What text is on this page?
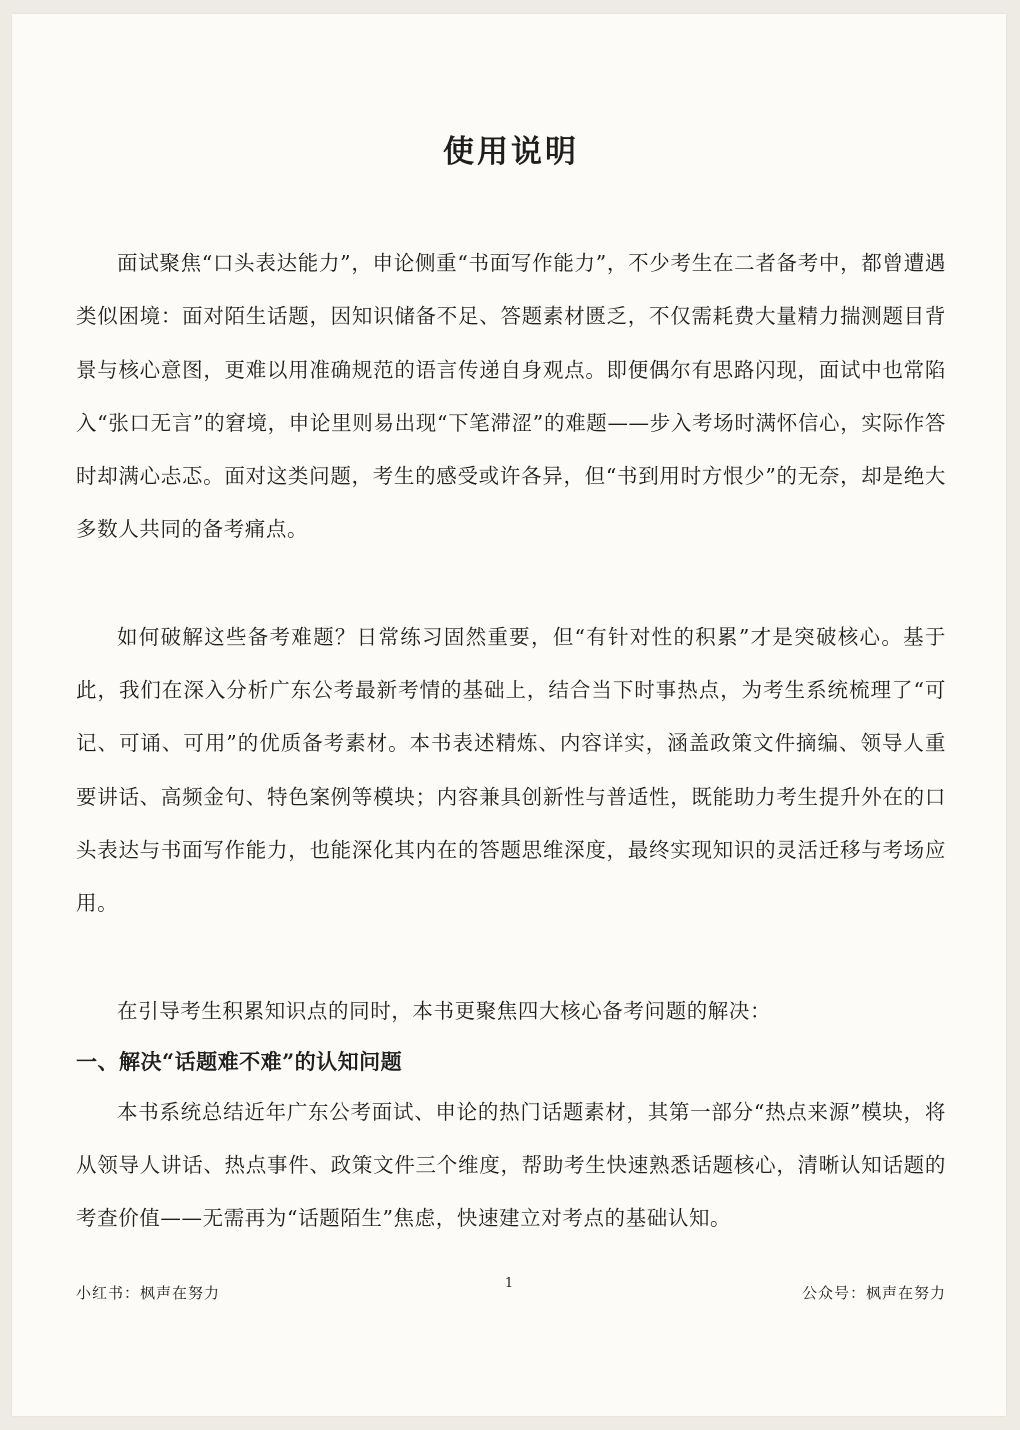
使用说明

面试聚焦“口头表达能力”，申论侧重“书面写作能力”，不少考生在二者备考中，都曾遭遇类似困境：面对陌生话题，因知识储备不足、答题素材匮乏，不仅需耗费大量精力揣测题目背景与核心意图，更难以用准确规范的语言传递自身观点。即便偶尔有思路闪现，面试中也常陷入“张口无言”的窘境，申论里则易出现“下笔滞涩”的难题——步入考场时满怀信心，实际作答时却满心忐忑。面对这类问题，考生的感受或许各异，但“书到用时方恨少”的无奈，却是绝大多数人共同的备考痛点。

如何破解这些备考难题？日常练习固然重要，但“有针对性的积累”才是突破核心。基于此，我们在深入分析广东公考最新考情的基础上，结合当下时事热点，为考生系统梳理了“可记、可诵、可用”的优质备考素材。本书表述精炼、内容详实，涵盖政策文件摘编、领导人重要讲话、高频金句、特色案例等模块；内容兼具创新性与普适性，既能助力考生提升外在的口头表达与书面写作能力，也能深化其内在的答题思维深度，最终实现知识的灵活迁移与考场应用。

在引导考生积累知识点的同时，本书更聚焦四大核心备考问题的解决：

一、解决“话题难不难”的认知问题

本书系统总结近年广东公考面试、申论的热门话题素材，其第一部分“热点来源”模块，将从领导人讲话、热点事件、政策文件三个维度，帮助考生快速熟悉话题核心，清晰认知话题的考查价值——无需再为“话题陌生”焦虑，快速建立对考点的基础认知。

小红书：枫声在努力
1
公众号：枫声在努力
